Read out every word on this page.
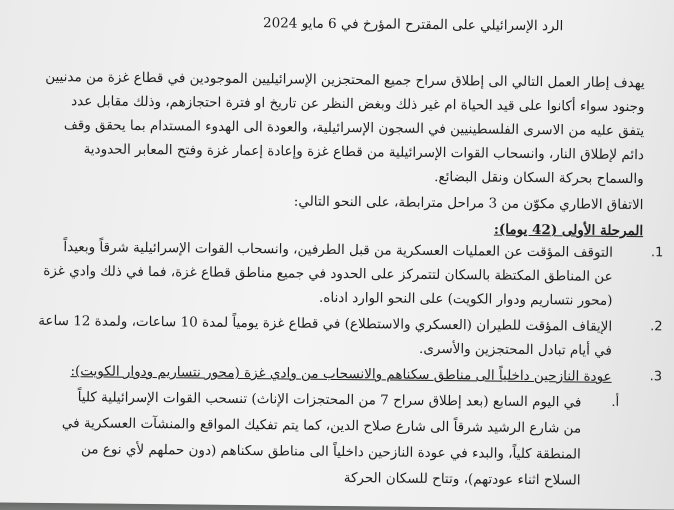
الرد الإسرائيلي على المقترح المؤرخ في 6 مايو 2024
يهدف إطار العمل التالي الى إطلاق سراح جميع المحتجزين الإسرائيليين الموجودين في قطاع غزة من مدنيين
وجنود سواء أكانوا على قيد الحياة ام غير ذلك وبغض النظر عن تاريخ او فترة احتجازهم، وذلك مقابل عدد
يتفق عليه من الاسرى الفلسطينيين في السجون الإسرائيلية، والعودة الى الهدوء المستدام بما يحقق وقف
دائم لإطلاق النار، وانسحاب القوات الإسرائيلية من قطاع غزة وإعادة إعمار غزة وفتح المعابر الحدودية
والسماح بحركة السكان ونقل البضائع.
الاتفاق الاطاري مكوّن من 3 مراحل مترابطة، على النحو التالي:
المرحلة الأولى (42 يوما):
1.
التوقف المؤقت عن العمليات العسكرية من قبل الطرفين، وانسحاب القوات الإسرائيلية شرقاً وبعيداً
عن المناطق المكتظة بالسكان لتتمركز على الحدود في جميع مناطق قطاع غزة، فما في ذلك وادي غزة
(محور نتساريم ودوار الكويت) على النحو الوارد ادناه.
2.
الإيقاف المؤقت للطيران (العسكري والاستطلاع) في قطاع غزة يومياً لمدة 10 ساعات، ولمدة 12 ساعة
في أيام تبادل المحتجزين والأسرى.
3.
عودة النازحين داخلياً الى مناطق سكناهم والانسحاب من وادي غزة (محور نتساريم ودوار الكويت):
أ.
في اليوم السابع (بعد إطلاق سراح 7 من المحتجزات الإناث) تنسحب القوات الإسرائيلية كلياً
من شارع الرشيد شرقاً الى شارع صلاح الدين، كما يتم تفكيك المواقع والمنشآت العسكرية في
المنطقة كلياً، والبدء في عودة النازحين داخلياً الى مناطق سكناهم (دون حملهم لأي نوع من
السلاح اثناء عودتهم)، وتتاح للسكان الحركة
